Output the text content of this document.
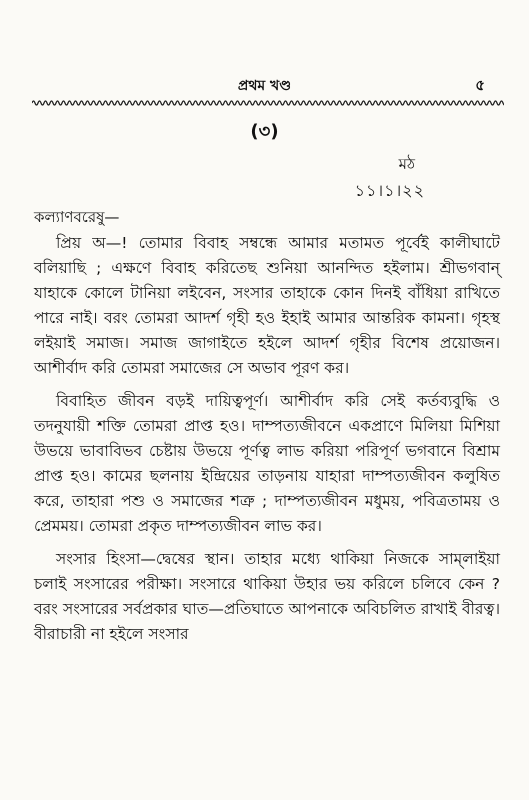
প্রথম খণ্ড	৫
(৩)
মঠ
১১।১।২২
কল্যাণবরেষু—

প্রিয় অ—! তোমার বিবাহ সম্বন্ধে আমার মতামত পূর্বেই কালীঘাটে বলিয়াছি ; এক্ষণে বিবাহ করিতেছ শুনিয়া আনন্দিত হইলাম। শ্রীভগবান্ যাহাকে কোলে টানিয়া লইবেন, সংসার তাহাকে কোন দিনই বাঁধিয়া রাখিতে পারে নাই। বরং তোমরা আদর্শ গৃহী হও ইহাই আমার আন্তরিক কামনা। গৃহস্থ লইয়াই সমাজ। সমাজ জাগাইতে হইলে আদর্শ গৃহীর বিশেষ প্রয়োজন। আশীর্বাদ করি তোমরা সমাজের সে অভাব পূরণ কর।

বিবাহিত জীবন বড়ই দায়িত্বপূর্ণ। আশীর্বাদ করি সেই কর্তব্যবুদ্ধি ও তদনুযায়ী শক্তি তোমরা প্রাপ্ত হও। দাম্পত্যজীবনে একপ্রাণে মিলিয়া মিশিয়া উভয়ে ভাবাবিভব চেষ্টায় উভয়ে পূর্ণত্ব লাভ করিয়া পরিপূর্ণ ভগবানে বিশ্রাম প্রাপ্ত হও। কামের ছলনায় ইন্দ্রিয়ের তাড়নায় যাহারা দাম্পত্যজীবন কলুষিত করে, তাহারা পশু ও সমাজের শত্রু ; দাম্পত্যজীবন মধুময়, পবিত্রতাময় ও প্রেমময়। তোমরা প্রকৃত দাম্পত্যজীবন লাভ কর।

সংসার হিংসা—দ্বেষের স্থান। তাহার মধ্যে থাকিয়া নিজকে সাম্‌লাইয়া চলাই সংসারের পরীক্ষা। সংসারে থাকিয়া উহার ভয় করিলে চলিবে কেন ? বরং সংসারের সর্বপ্রকার ঘাত—প্রতিঘাতে আপনাকে অবিচলিত রাখাই বীরত্ব। বীরাচারী না হইলে সংসার
